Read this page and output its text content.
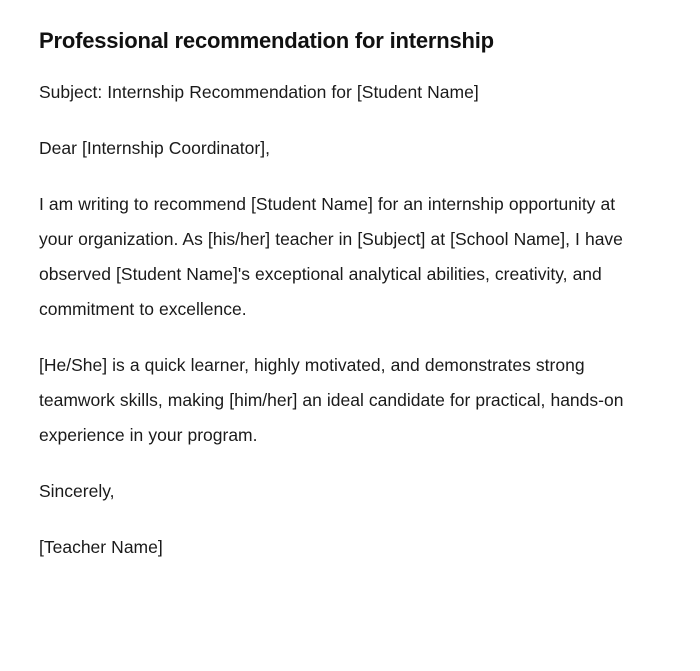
Professional recommendation for internship

Subject: Internship Recommendation for [Student Name]

Dear [Internship Coordinator],

I am writing to recommend [Student Name] for an internship opportunity at your organization. As [his/her] teacher in [Subject] at [School Name], I have observed [Student Name]'s exceptional analytical abilities, creativity, and commitment to excellence.

[He/She] is a quick learner, highly motivated, and demonstrates strong teamwork skills, making [him/her] an ideal candidate for practical, hands-on experience in your program.

Sincerely,

[Teacher Name]
